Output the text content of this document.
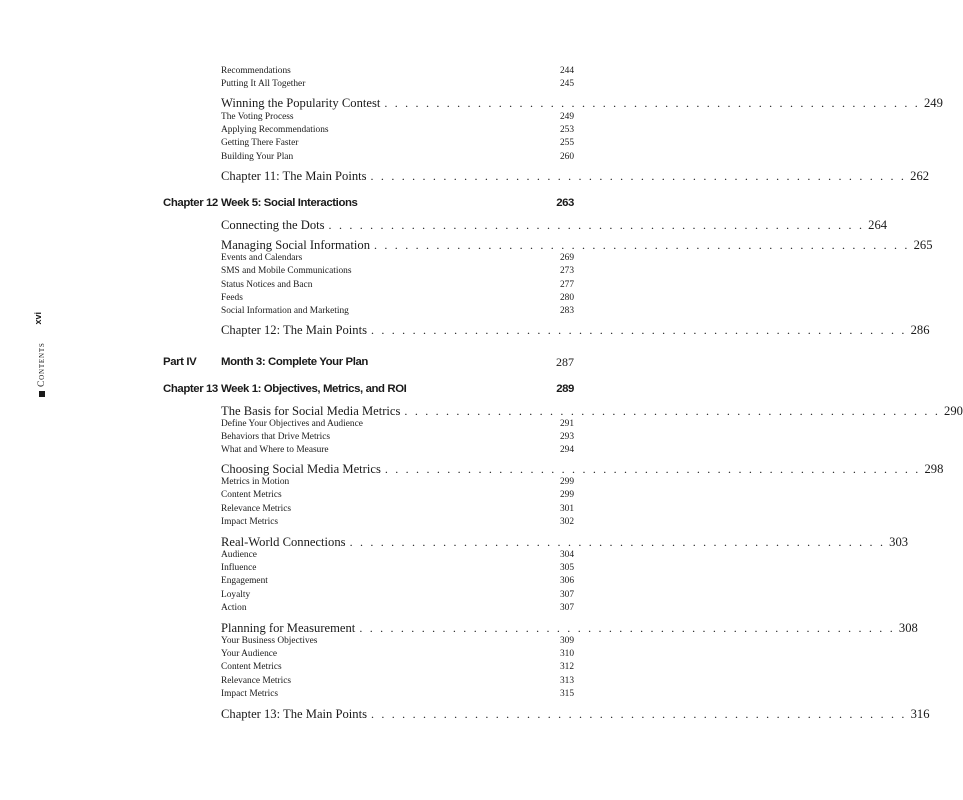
xvi
Contents
Recommendations	244
Putting It All Together	245
Winning the Popularity Contest . . . . . . . . . . . . . . . . . . . . . . . . . . . . . . . . . . . . . . . . . . . . . . . . . . . . 249
The Voting Process	249
Applying Recommendations	253
Getting There Faster	255
Building Your Plan	260
Chapter 11: The Main Points . . . . . . . . . . . . . . . . . . . . . . . . . . . . . . . . . . . . . . . . . . . . . . . . . . . . 262
Chapter 12 Week 5: Social Interactions	263
Connecting the Dots . . . . . . . . . . . . . . . . . . . . . . . . . . . . . . . . . . . . . . . . . . . . . . . . . . . . 264
Managing Social Information . . . . . . . . . . . . . . . . . . . . . . . . . . . . . . . . . . . . . . . . . . . . . . . . . . . . 265
Events and Calendars	269
SMS and Mobile Communications	273
Status Notices and Bacn	277
Feeds	280
Social Information and Marketing	283
Chapter 12: The Main Points . . . . . . . . . . . . . . . . . . . . . . . . . . . . . . . . . . . . . . . . . . . . . . . . . . . . 286
Part IV	Month 3: Complete Your Plan	287
Chapter 13 Week 1: Objectives, Metrics, and ROI	289
The Basis for Social Media Metrics . . . . . . . . . . . . . . . . . . . . . . . . . . . . . . . . . . . . . . . . . . . . . . . . . . . . 290
Define Your Objectives and Audience	291
Behaviors that Drive Metrics	293
What and Where to Measure	294
Choosing Social Media Metrics . . . . . . . . . . . . . . . . . . . . . . . . . . . . . . . . . . . . . . . . . . . . . . . . . . . . 298
Metrics in Motion	299
Content Metrics	299
Relevance Metrics	301
Impact Metrics	302
Real-World Connections . . . . . . . . . . . . . . . . . . . . . . . . . . . . . . . . . . . . . . . . . . . . . . . . . . . . 303
Audience	304
Influence	305
Engagement	306
Loyalty	307
Action	307
Planning for Measurement . . . . . . . . . . . . . . . . . . . . . . . . . . . . . . . . . . . . . . . . . . . . . . . . . . . . 308
Your Business Objectives	309
Your Audience	310
Content Metrics	312
Relevance Metrics	313
Impact Metrics	315
Chapter 13: The Main Points . . . . . . . . . . . . . . . . . . . . . . . . . . . . . . . . . . . . . . . . . . . . . . . . . . . . 316
